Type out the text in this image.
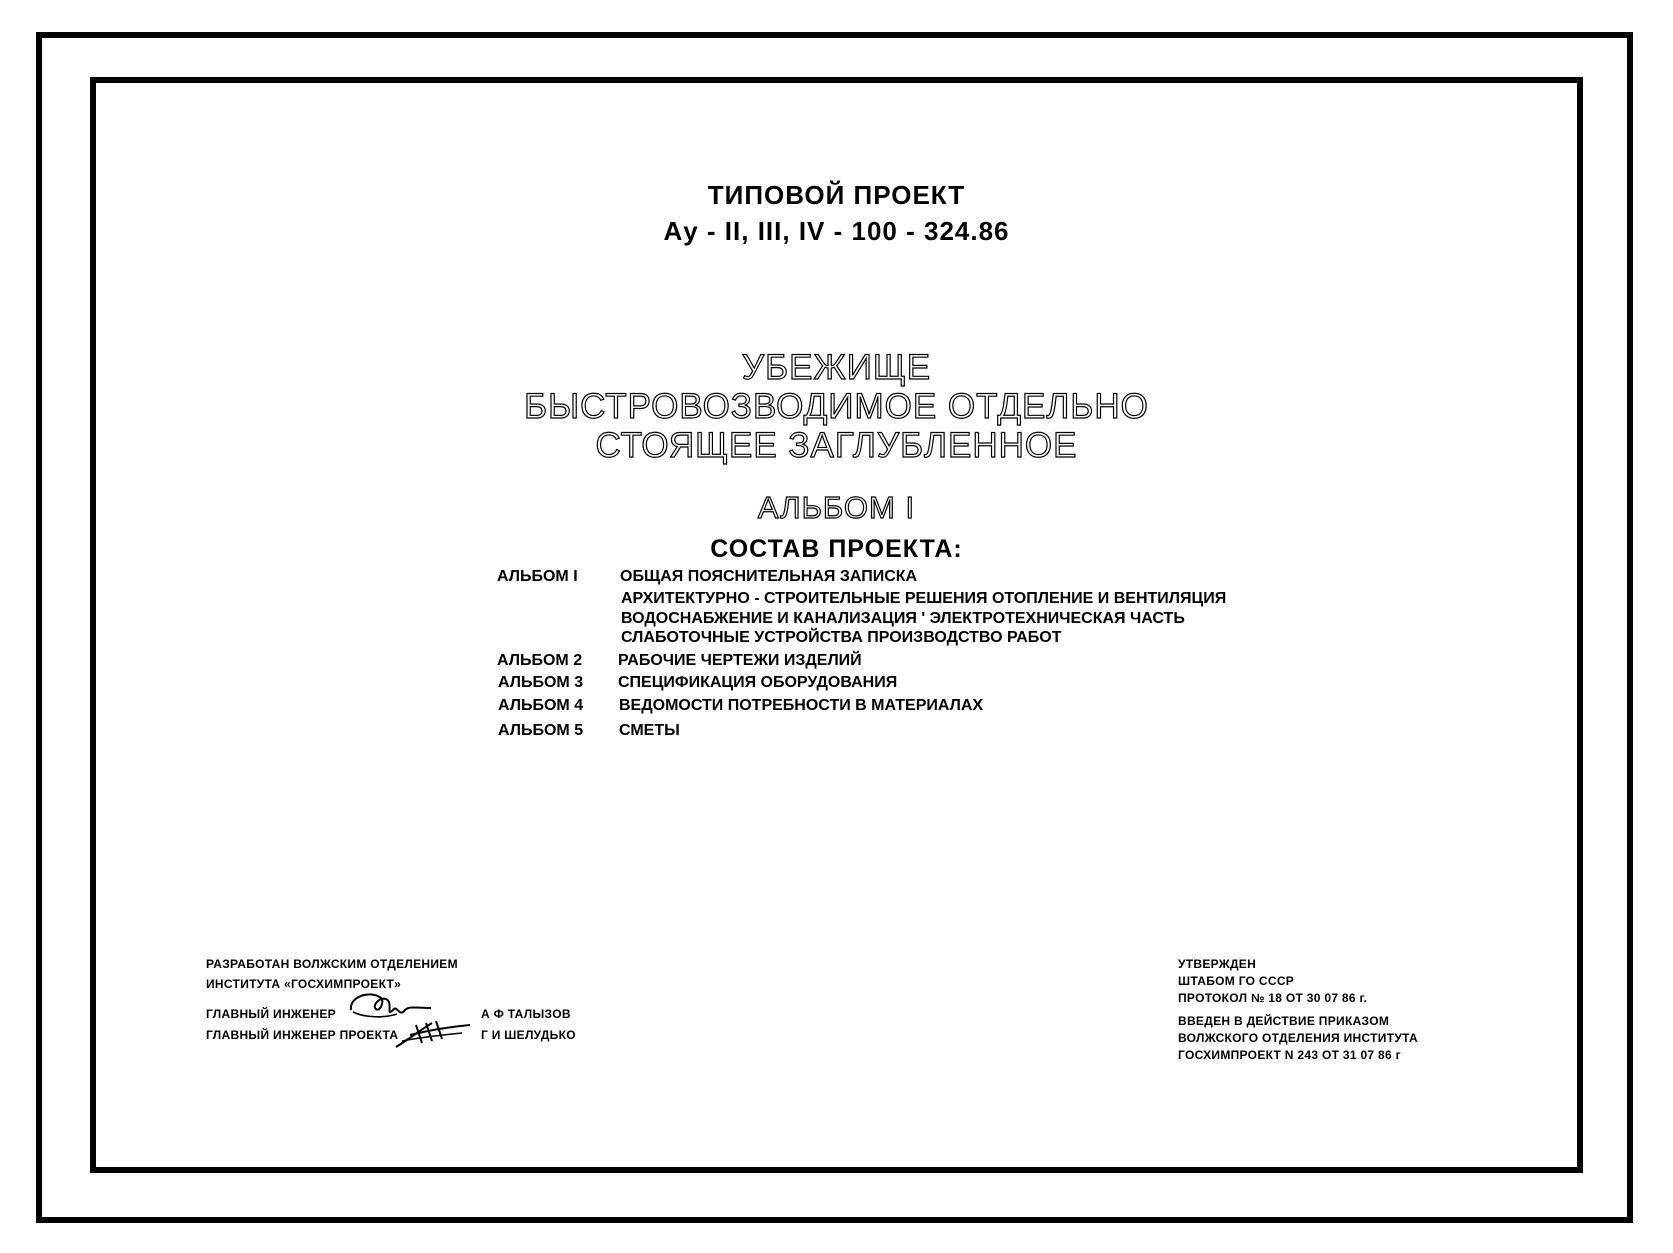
ТИПОВОЙ ПРОЕКТ
Ау - II, III, IV - 100 - 324.86
УБЕЖИЩЕ
БЫСТРОВОЗВОДИМОЕ ОТДЕЛЬНО
СТОЯЩЕЕ ЗАГЛУБЛЕННОЕ
АЛЬБОМ I
СОСТАВ ПРОЕКТА:
АЛЬБОМ I	ОБЩАЯ ПОЯСНИТЕЛЬНАЯ ЗАПИСКА
АРХИТЕКТУРНО - СТРОИТЕЛЬНЫЕ РЕШЕНИЯ ОТОПЛЕНИЕ И ВЕНТИЛЯЦИЯ
ВОДОСНАБЖЕНИЕ И КАНАЛИЗАЦИЯ ' ЭЛЕКТРОТЕХНИЧЕСКАЯ ЧАСТЬ
СЛАБОТОЧНЫЕ УСТРОЙСТВА ПРОИЗВОДСТВО РАБОТ
АЛЬБОМ 2 РАБОЧИЕ ЧЕРТЕЖИ ИЗДЕЛИЙ
АЛЬБОМ 3 СПЕЦИФИКАЦИЯ ОБОРУДОВАНИЯ
АЛЬБОМ 4 ВЕДОМОСТИ ПОТРЕБНОСТИ В МАТЕРИАЛАХ
АЛЬБОМ 5 СМЕТЫ
РАЗРАБОТАН ВОЛЖСКИМ ОТДЕЛЕНИЕМ
ИНСТИТУТА «ГОСХИМПРОЕКТ»
ГЛАВНЫЙ ИНЖЕНЕР
ГЛАВНЫЙ ИНЖЕНЕР ПРОЕКТА
А Ф ТАЛЫЗОВ
Г И ШЕЛУДЬКО
УТВЕРЖДЕН
ШТАБОМ ГО СССР
ПРОТОКОЛ № 18 ОТ 30 07 86 г.
ВВЕДЕН В ДЕЙСТВИЕ ПРИКАЗОМ
ВОЛЖСКОГО ОТДЕЛЕНИЯ ИНСТИТУТА
ГОСХИМПРОЕКТ N 243 ОТ 31 07 86 г
